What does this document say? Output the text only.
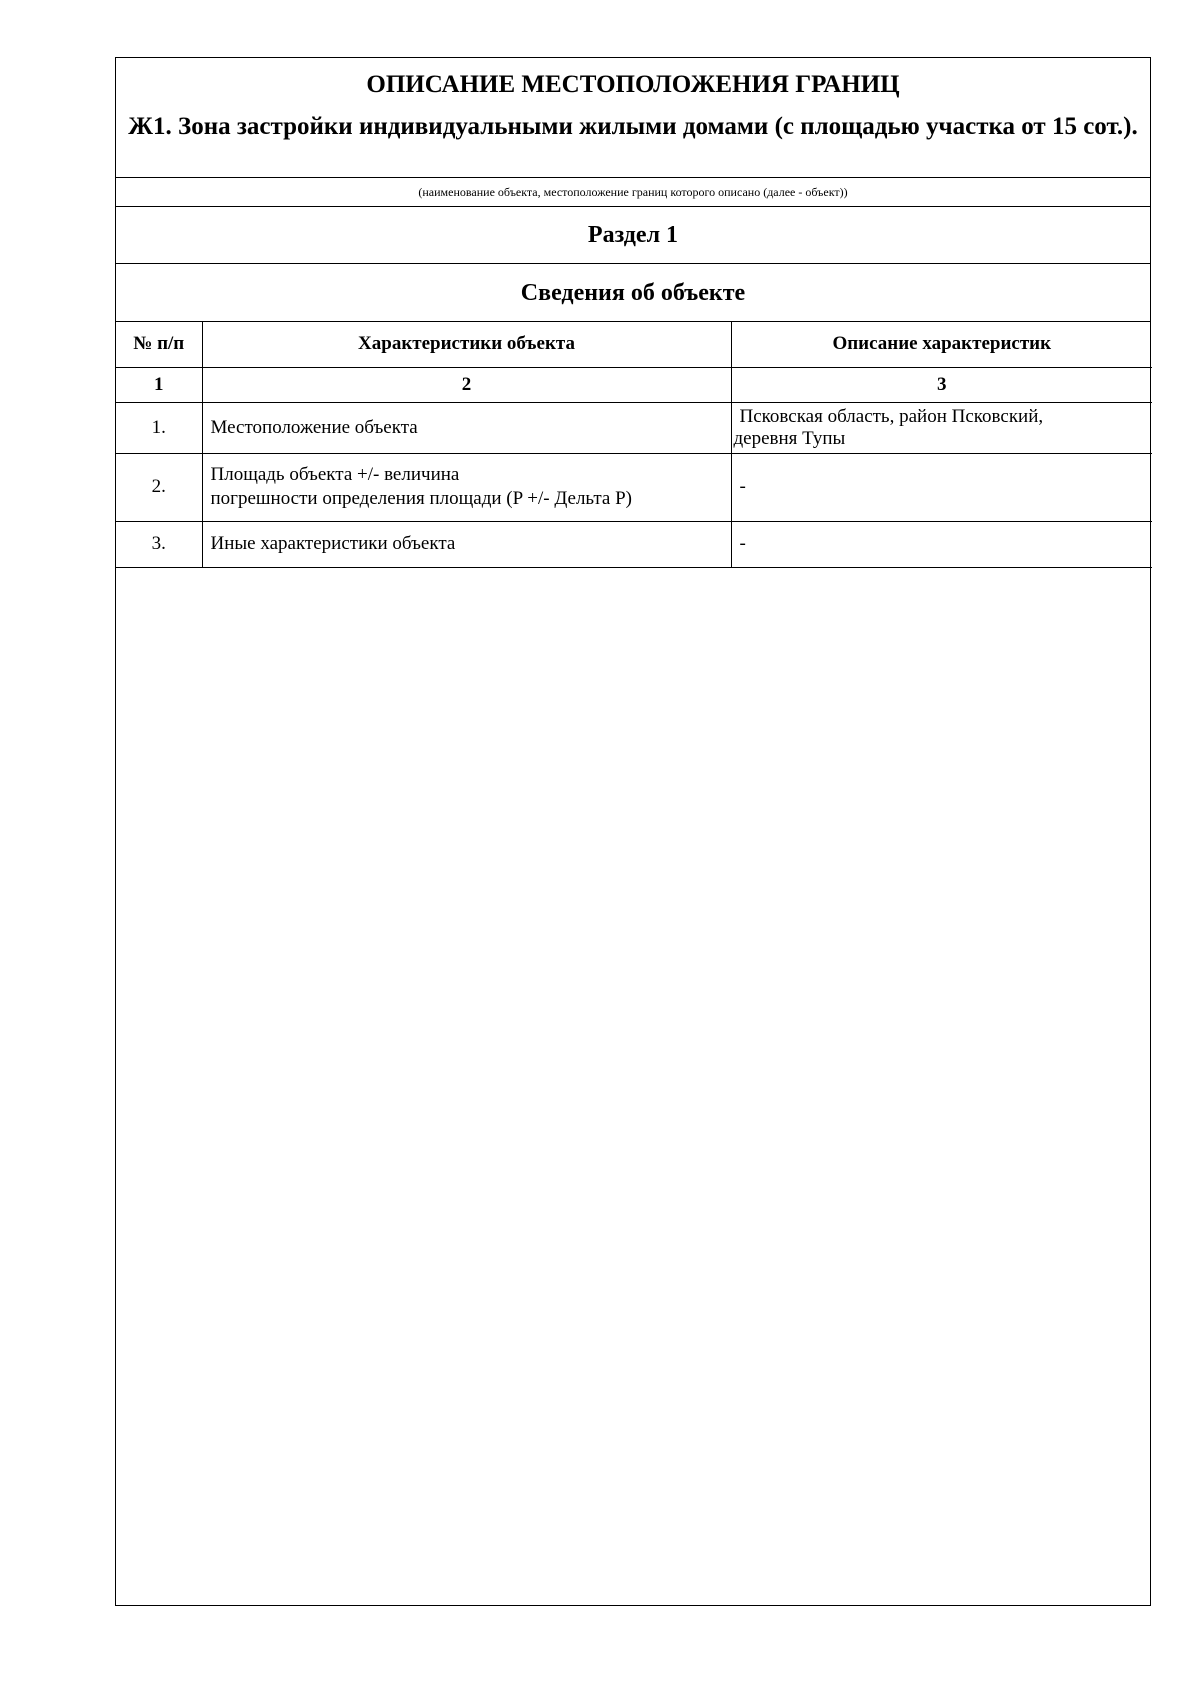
ОПИСАНИЕ МЕСТОПОЛОЖЕНИЯ ГРАНИЦ

Ж1. Зона застройки индивидуальными жилыми домами (с площадью участка от 15 сот.).

(наименование объекта, местоположение границ которого описано (далее - объект))
Раздел 1
Сведения об объекте
№ п/п	Характеристики объекта	Описание характеристик
1	2	3
1.	Местоположение объекта	Псковская область, район Псковский,
деревня Тупы

2.	Площадь объекта +/- величина
погрешности определения площади (P +/- Дельта P)	-
3.	Иные характеристики объекта	-
